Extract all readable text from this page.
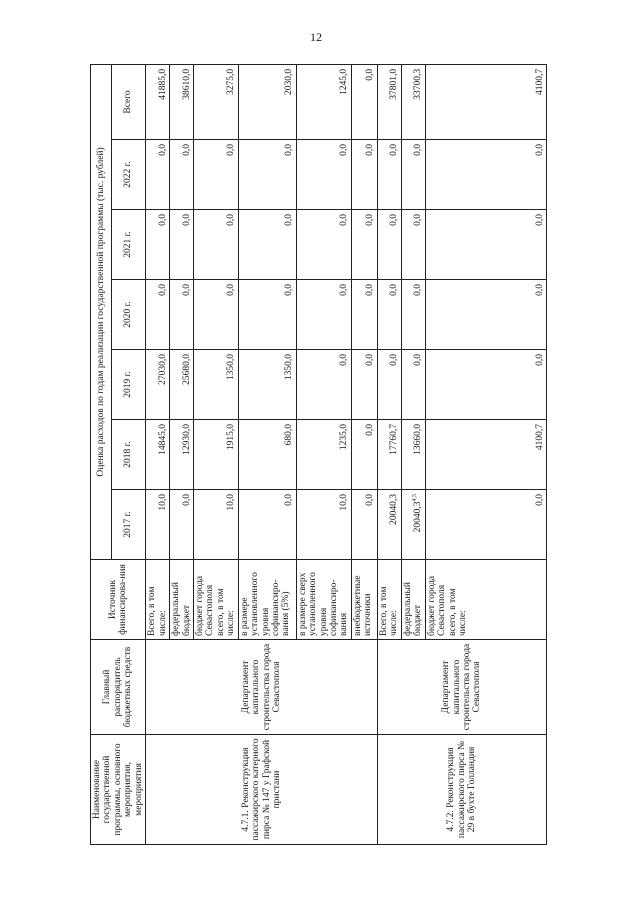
12
Наименование государственной программы, основного мероприятия, мероприятия	Главный распорядитель бюджетных средств	Источник финансирова-ния	Оценка расходов по годам реализации государственной программы (тыс. рублей)						
			2017 г.	2018 г.	2019 г.	2020 г.	2021 г.	2022 г.	Всего
4.7.1. Реконструкция пассажирского катерного пирса № 147 у Графской пристани	Департамент капитального строительства города Севастополя	Всего, в том числе:	10,0	14845,0	27030,0	0,0	0,0	0,0	41885,0
		федеральный бюджет	0,0	12930,0	25680,0	0,0	0,0	0,0	38610,0
		бюджет города Севастополя всего, в том числе:	10,0	1915,0	1350,0	0,0	0,0	0,0	3275,0
		в размере установленного уровня софинансиро-вания (5%)	0,0	680,0	1350,0	0,0	0,0	0,0	2030,0
		в размере сверх установленного уровня софинансиро-вания	10,0	1235,0	0,0	0,0	0,0	0,0	1245,0
		внебюджетные источники	0,0	0,0	0,0	0,0	0,0	0,0	0,0
4.7.2. Реконструкция пассажирского пирса № 29 в бухте Голландия	Департамент капитального строительства города Севастополя	Всего, в том числе:	20040,3	17760,7	0,0	0,0	0,0	0,0	37801,0
		федеральный бюджет	20040,3$^{4,5}$	13660,0	0,0	0,0	0,0	0,0	33700,3
		бюджет города Севастополя всего, в том числе:	0,0	4100,7	0,0	0,0	0,0	0,0	4100,7
